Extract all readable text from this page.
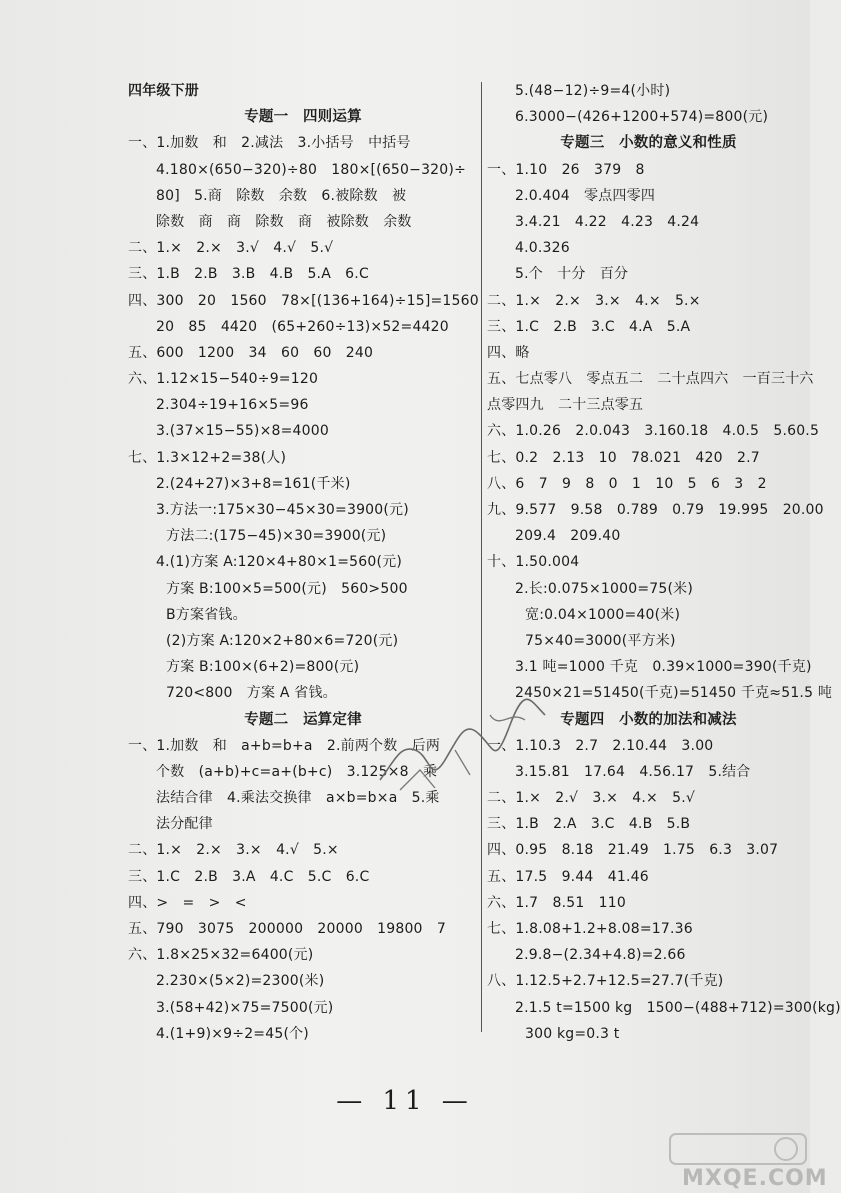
四年级下册
专题一　四则运算
一、1.加数　和　2.减法　3.小括号　中括号
4.180×(650−320)÷80　180×[(650−320)÷
80]　5.商　除数　余数　6.被除数　被
除数　商　商　除数　商　被除数　余数
二、1.×　2.×　3.√　4.√　5.√
三、1.B　2.B　3.B　4.B　5.A　6.C
四、300　20　1560　78×[(136+164)÷15]=1560
20　85　4420　(65+260÷13)×52=4420
五、600　1200　34　60　60　240
六、1.12×15−540÷9=120
2.304÷19+16×5=96
3.(37×15−55)×8=4000
七、1.3×12+2=38(人)
2.(24+27)×3+8=161(千米)
3.方法一:175×30−45×30=3900(元)
方法二:(175−45)×30=3900(元)
4.(1)方案 A:120×4+80×1=560(元)
方案 B:100×5=500(元)　560>500
B方案省钱。
(2)方案 A:120×2+80×6=720(元)
方案 B:100×(6+2)=800(元)
720<800　方案 A 省钱。
专题二　运算定律
一、1.加数　和　a+b=b+a　2.前两个数　后两
个数　(a+b)+c=a+(b+c)　3.125×8　乘
法结合律　4.乘法交换律　a×b=b×a　5.乘
法分配律
二、1.×　2.×　3.×　4.√　5.×
三、1.C　2.B　3.A　4.C　5.C　6.C
四、>　=　>　<
五、790　3075　200000　20000　19800　7
六、1.8×25×32=6400(元)
2.230×(5×2)=2300(米)
3.(58+42)×75=7500(元)
4.(1+9)×9÷2=45(个)
5.(48−12)÷9=4(小时)
6.3000−(426+1200+574)=800(元)
专题三　小数的意义和性质
一、1.10　26　379　8
2.0.404　零点四零四
3.4.21　4.22　4.23　4.24
4.0.326
5.个　十分　百分
二、1.×　2.×　3.×　4.×　5.×
三、1.C　2.B　3.C　4.A　5.A
四、略
五、七点零八　零点五二　二十点四六　一百三十六
点零四九　二十三点零五
六、1.0.26　2.0.043　3.160.18　4.0.5　5.60.5
七、0.2　2.13　10　78.021　420　2.7
八、6　7　9　8　0　1　10　5　6　3　2
九、9.577　9.58　0.789　0.79　19.995　20.00
209.4　209.40
十、1.50.004
2.长:0.075×1000=75(米)
宽:0.04×1000=40(米)
75×40=3000(平方米)
3.1 吨=1000 千克　0.39×1000=390(千克)
2450×21=51450(千克)=51450 千克≈51.5 吨
专题四　小数的加法和减法
一、1.10.3　2.7　2.10.44　3.00
3.15.81　17.64　4.56.17　5.结合
二、1.×　2.√　3.×　4.×　5.√
三、1.B　2.A　3.C　4.B　5.B
四、0.95　8.18　21.49　1.75　6.3　3.07
五、17.5　9.44　41.46
六、1.7　8.51　110
七、1.8.08+1.2+8.08=17.36
2.9.8−(2.34+4.8)=2.66
八、1.12.5+2.7+12.5=27.7(千克)
2.1.5 t=1500 kg　1500−(488+712)=300(kg)
300 kg=0.3 t
— 11 —
MXQE.COM
